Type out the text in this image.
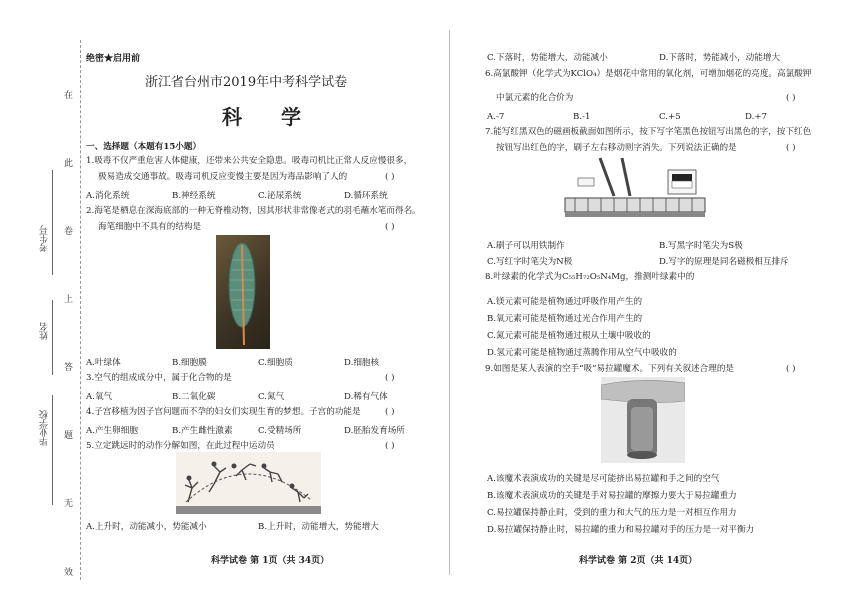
在
此
卷
上
答
题
无
效
考生号
姓名
毕业学校
绝密★启用前
浙江省台州市2019年中考科学试卷
科 学
一、选择题（本题有15小题）
1.吸毒不仅严重危害人体健康，还带来公共安全隐患。吸毒司机比正常人反应慢很多，
极易造成交通事故。吸毒司机反应变慢主要是因为毒品影响了人的	( )
A.消化系统	B.神经系统	C.泌尿系统	D.循环系统
2.海笔是栖息在深海底部的一种无脊椎动物，因其形状非常像老式的羽毛蘸水笔而得名。
海笔细胞中不具有的结构是	( )
A.叶绿体	B.细胞膜	C.细胞质	D.细胞核
3.空气的组成成分中，属于化合物的是	( )
A.氧气	B.二氧化碳	C.氮气	D.稀有气体
4.子宫移植为因子宫问题而不孕的妇女们实现生育的梦想。子宫的功能是	( )
A.产生卵细胞	B.产生雌性激素	C.受精场所	D.胚胎发育场所
5.立定跳远时的动作分解如图，在此过程中运动员	( )
A.上升时，动能减小，势能减小	B.上升时，动能增大，势能增大
科学试卷 第 1页（共 34页）
C.下落时，势能增大，动能减小	D.下落时，势能减小，动能增大
6.高氯酸钾（化学式为KClO₄）是烟花中常用的氧化剂，可增加烟花的亮度。高氯酸钾
中氯元素的化合价为	( )
A.-7	B.-1	C.+5	D.+7
7.能写红黑双色的磁画板截面如图所示，按下写字笔黑色按钮写出黑色的字，按下红色
按钮写出红色的字，刷子左右移动则字消失。下列说法正确的是	( )
A.刷子可以用铁制作	B.写黑字时笔尖为S极
C.写红字时笔尖为N极	D.写字的原理是同名磁极相互排斥
8.叶绿素的化学式为C₅₅H₇₂O₅N₄Mg，推测叶绿素中的
A.镁元素可能是植物通过呼吸作用产生的
B.氧元素可能是植物通过光合作用产生的
C.氮元素可能是植物通过根从土壤中吸收的
D.氢元素可能是植物通过蒸腾作用从空气中吸收的
9.如图是某人表演的空手“吸”易拉罐魔术。下列有关叙述合理的是	( )
A.该魔术表演成功的关键是尽可能挤出易拉罐和手之间的空气
B.该魔术表演成功的关键是手对易拉罐的摩擦力要大于易拉罐重力
C.易拉罐保持静止时，受到的重力和大气的压力是一对相互作用力
D.易拉罐保持静止时，易拉罐的重力和易拉罐对手的压力是一对平衡力
科学试卷 第 2页（共 14页）
